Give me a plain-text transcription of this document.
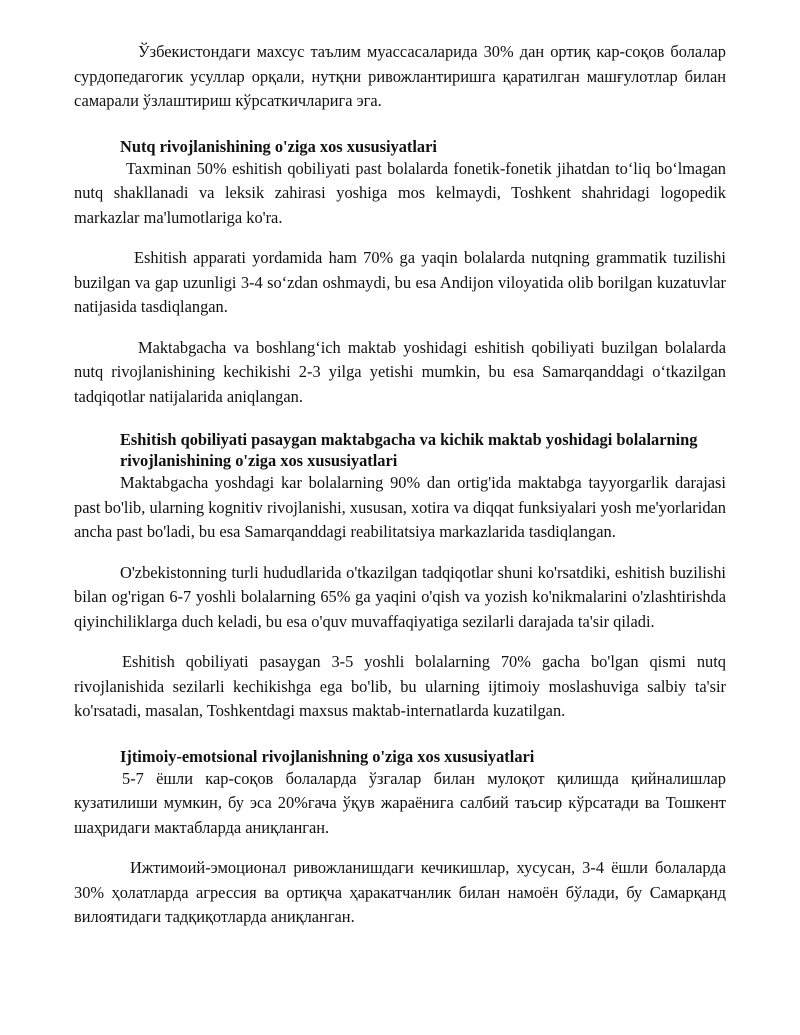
Ўзбекистондаги махсус таълим муассасаларида 30% дан ортиқ кар-соқов болалар сурдопедагогик усуллар орқали, нутқни ривожлантиришга қаратилган машғулотлар билан самарали ўзлаштириш кўрсаткичларига эга.

Nutq rivojlanishining o'ziga xos xususiyatlari

Taxminan 50% eshitish qobiliyati past bolalarda fonetik-fonetik jihatdan to‘liq bo‘lmagan nutq shakllanadi va leksik zahirasi yoshiga mos kelmaydi, Toshkent shahridagi logopedik markazlar ma'lumotlariga ko'ra.

Eshitish apparati yordamida ham 70% ga yaqin bolalarda nutqning grammatik tuzilishi buzilgan va gap uzunligi 3-4 so‘zdan oshmaydi, bu esa Andijon viloyatida olib borilgan kuzatuvlar natijasida tasdiqlangan.

Maktabgacha va boshlang‘ich maktab yoshidagi eshitish qobiliyati buzilgan bolalarda nutq rivojlanishining kechikishi 2-3 yilga yetishi mumkin, bu esa Samarqanddagi o‘tkazilgan tadqiqotlar natijalarida aniqlangan.

Eshitish qobiliyati pasaygan maktabgacha va kichik maktab yoshidagi bolalarning rivojlanishining o'ziga xos xususiyatlari

Maktabgacha yoshdagi kar bolalarning 90% dan ortig'ida maktabga tayyorgarlik darajasi past bo'lib, ularning kognitiv rivojlanishi, xususan, xotira va diqqat funksiyalari yosh me'yorlaridan ancha past bo'ladi, bu esa Samarqanddagi reabilitatsiya markazlarida tasdiqlangan.

O'zbekistonning turli hududlarida o'tkazilgan tadqiqotlar shuni ko'rsatdiki, eshitish buzilishi bilan og'rigan 6-7 yoshli bolalarning 65% ga yaqini o'qish va yozish ko'nikmalarini o'zlashtirishda qiyinchiliklarga duch keladi, bu esa o'quv muvaffaqiyatiga sezilarli darajada ta'sir qiladi.

Eshitish qobiliyati pasaygan 3-5 yoshli bolalarning 70% gacha bo'lgan qismi nutq rivojlanishida sezilarli kechikishga ega bo'lib, bu ularning ijtimoiy moslashuviga salbiy ta'sir ko'rsatadi, masalan, Toshkentdagi maxsus maktab-internatlarda kuzatilgan.

Ijtimoiy-emotsional rivojlanishning o'ziga xos xususiyatlari

5-7 ёшли кар-соқов болаларда ўзгалар билан мулоқот қилишда қийналишлар кузатилиши мумкин, бу эса 20%гача ўқув жараёнига салбий таъсир кўрсатади ва Тошкент шаҳридаги мактабларда аниқланган.

Ижтимоий-эмоционал ривожланишдаги кечикишлар, хусусан, 3-4 ёшли болаларда 30% ҳолатларда агрессия ва ортиқча ҳаракатчанлик билан намоён бўлади, бу Самарқанд вилоятидаги тадқиқотларда аниқланган.
